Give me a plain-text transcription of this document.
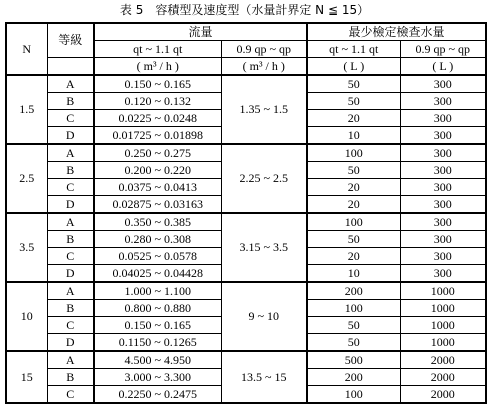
表 5　容積型及速度型（水量計界定 N ≦ 15）
N	等級	流量		最少檢定檢查水量	
		qt ~ 1.1 qt	0.9 qp ~ qp	qt ~ 1.1 qt	0.9 qp ~ qp
		( m³ / h )	( m³ / h )	( L )	( L )
1.5	A	0.150 ~ 0.165	1.35 ~ 1.5	50	300
	B	0.120 ~ 0.132		50	300
	C	0.0225 ~ 0.0248		20	300
	D	0.01725 ~ 0.01898		10	300
2.5	A	0.250 ~ 0.275	2.25 ~ 2.5	100	300
	B	0.200 ~ 0.220		50	300
	C	0.0375 ~ 0.0413		20	300
	D	0.02875 ~ 0.03163		20	300
3.5	A	0.350 ~ 0.385	3.15 ~ 3.5	100	300
	B	0.280 ~ 0.308		50	300
	C	0.0525 ~ 0.0578		20	300
	D	0.04025 ~ 0.04428		10	300
10	A	1.000 ~ 1.100	9 ~ 10	200	1000
	B	0.800 ~ 0.880		100	1000
	C	0.150 ~ 0.165		50	1000
	D	0.1150 ~ 0.1265		50	1000
15	A	4.500 ~ 4.950	13.5 ~ 15	500	2000
	B	3.000 ~ 3.300		200	2000
	C	0.2250 ~ 0.2475		100	2000
